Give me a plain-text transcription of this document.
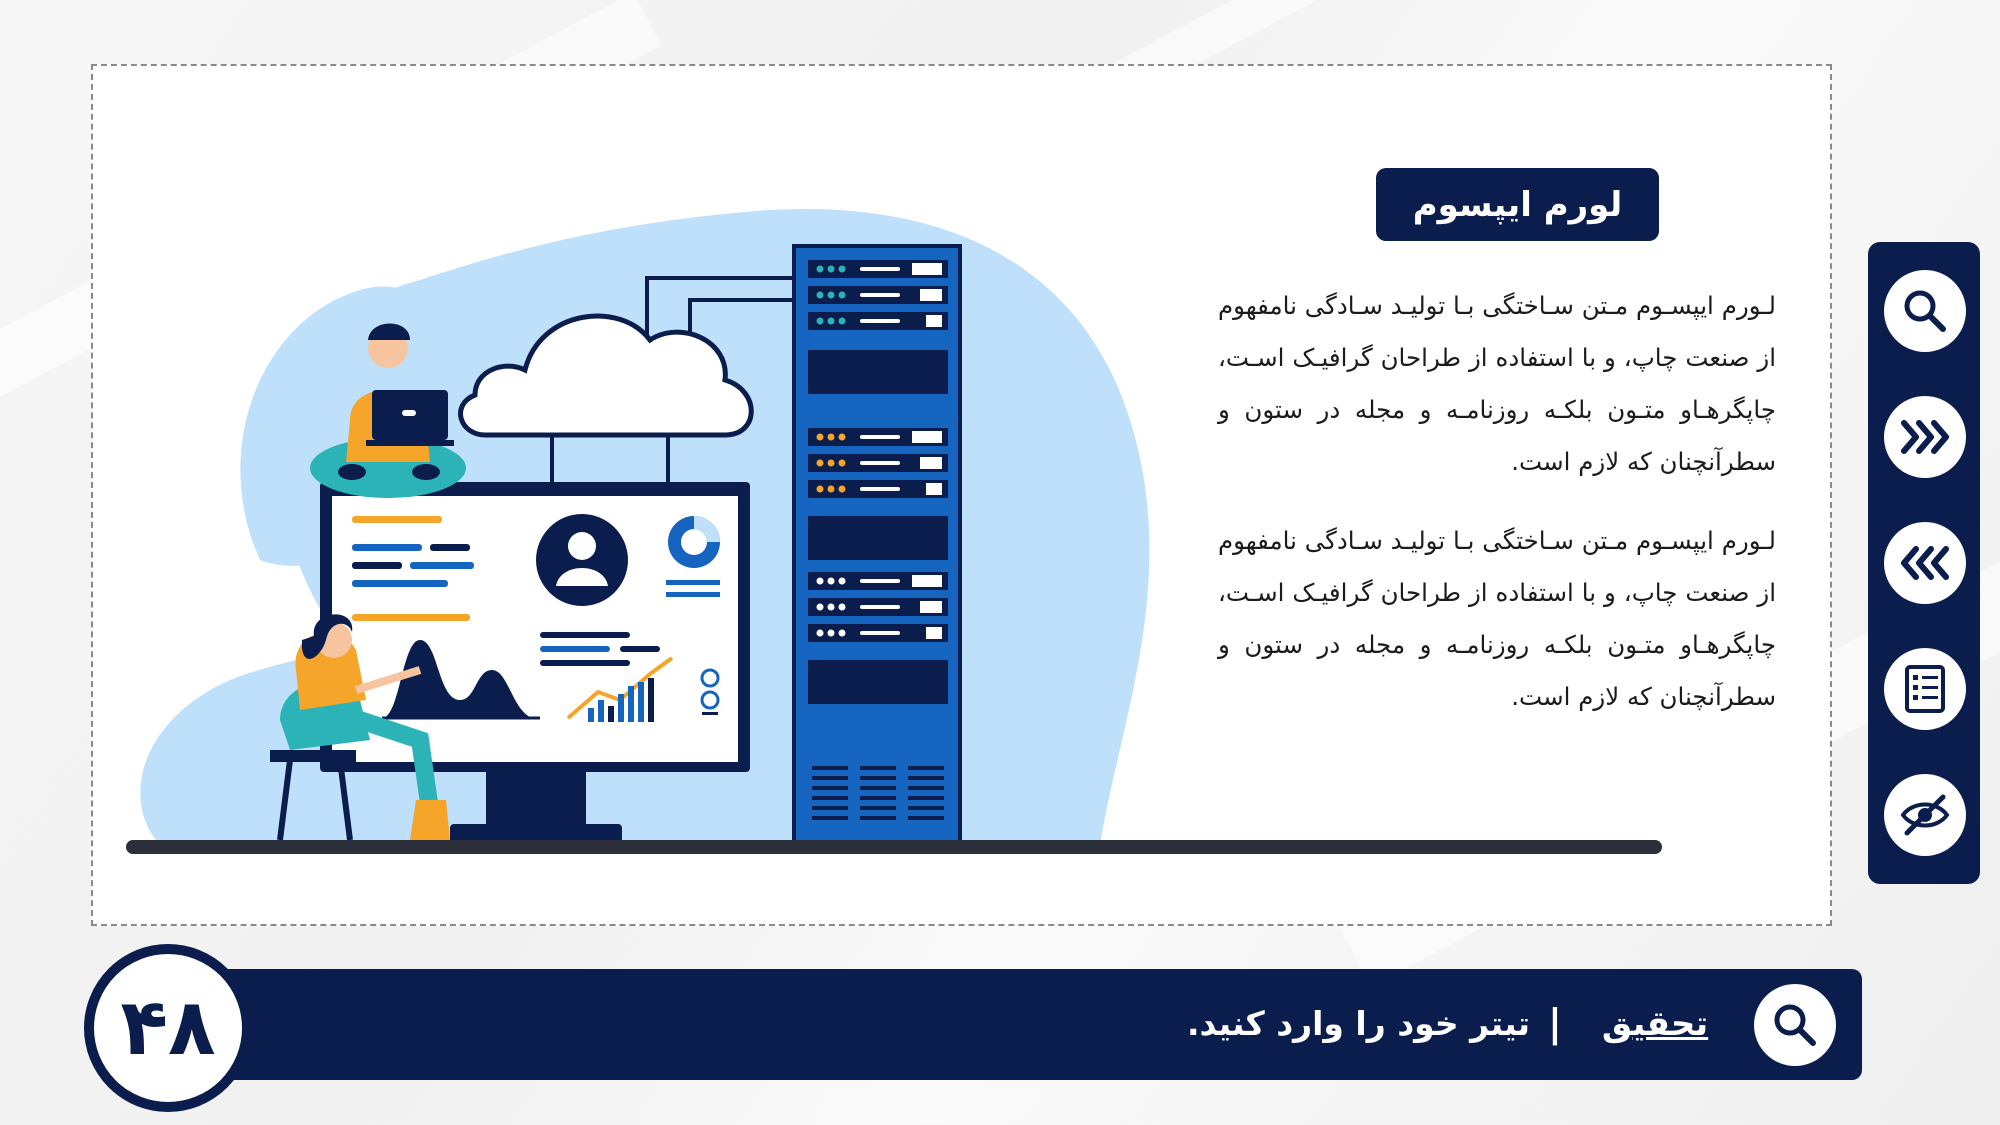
لورم ایپسوم
لـورم ایپسـوم مـتن سـاختگی بـا تولیـد سـادگی نامفهوم از صنعت چاپ، و با استفاده از طراحان گرافیـک اسـت، چاپگرهـاو متـون بلکـه روزنامـه و مجله در ستون و سطرآنچنان که لازم است.
لـورم ایپسـوم مـتن سـاختگی بـا تولیـد سـادگی نامفهوم از صنعت چاپ، و با استفاده از طراحان گرافیـک اسـت، چاپگرهـاو متـون بلکـه روزنامـه و مجله در ستون و سطرآنچنان که لازم است.
۴۸	تحقیق
|
تیتر خود را وارد کنید.
